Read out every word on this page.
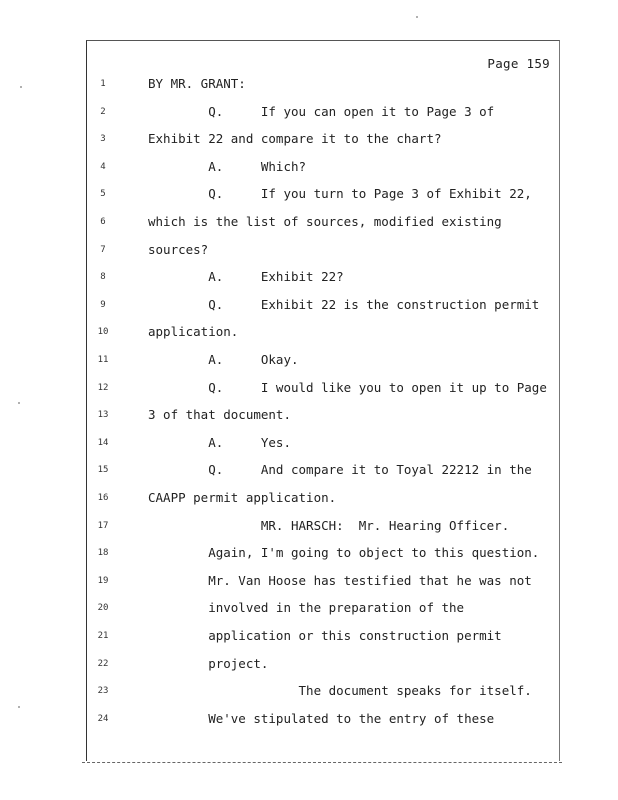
Page 159
1	BY MR. GRANT:
2	Q.     If you can open it to Page 3 of
3	Exhibit 22 and compare it to the chart?
4	A.     Which?
5	Q.     If you turn to Page 3 of Exhibit 22,
6	which is the list of sources, modified existing
7	sources?
8	A.     Exhibit 22?
9	Q.     Exhibit 22 is the construction permit
10	application.
11	A.     Okay.
12	Q.     I would like you to open it up to Page
13	3 of that document.
14	A.     Yes.
15	Q.     And compare it to Toyal 22212 in the
16	CAAPP permit application.
17	MR. HARSCH:  Mr. Hearing Officer.
18	Again, I'm going to object to this question.
19	Mr. Van Hoose has testified that he was not
20	involved in the preparation of the
21	application or this construction permit
22	project.
23	The document speaks for itself.
24	We've stipulated to the entry of these
